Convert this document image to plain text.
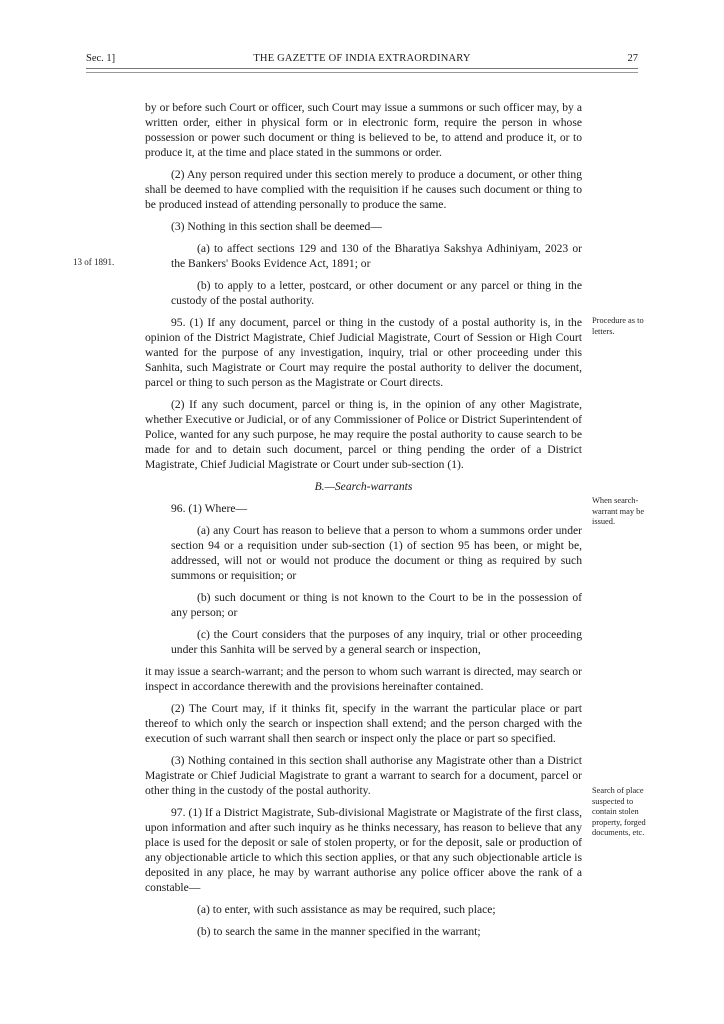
Sec. 1]	THE GAZETTE OF INDIA EXTRAORDINARY	27

by or before such Court or officer, such Court may issue a summons or such officer may, by a written order, either in physical form or in electronic form, require the person in whose possession or power such document or thing is believed to be, to attend and produce it, or to produce it, at the time and place stated in the summons or order.

(2) Any person required under this section merely to produce a document, or other thing shall be deemed to have complied with the requisition if he causes such document or thing to be produced instead of attending personally to produce the same.

(3) Nothing in this section shall be deemed—

(a) to affect sections 129 and 130 of the Bharatiya Sakshya Adhiniyam, 2023 or the Bankers' Books Evidence Act, 1891; or

(b) to apply to a letter, postcard, or other document or any parcel or thing in the custody of the postal authority.

95. (1) If any document, parcel or thing in the custody of a postal authority is, in the opinion of the District Magistrate, Chief Judicial Magistrate, Court of Session or High Court wanted for the purpose of any investigation, inquiry, trial or other proceeding under this Sanhita, such Magistrate or Court may require the postal authority to deliver the document, parcel or thing to such person as the Magistrate or Court directs.

(2) If any such document, parcel or thing is, in the opinion of any other Magistrate, whether Executive or Judicial, or of any Commissioner of Police or District Superintendent of Police, wanted for any such purpose, he may require the postal authority to cause search to be made for and to detain such document, parcel or thing pending the order of a District Magistrate, Chief Judicial Magistrate or Court under sub-section (1).

B.—Search-warrants

96. (1) Where—

(a) any Court has reason to believe that a person to whom a summons order under section 94 or a requisition under sub-section (1) of section 95 has been, or might be, addressed, will not or would not produce the document or thing as required by such summons or requisition; or

(b) such document or thing is not known to the Court to be in the possession of any person; or

(c) the Court considers that the purposes of any inquiry, trial or other proceeding under this Sanhita will be served by a general search or inspection,

it may issue a search-warrant; and the person to whom such warrant is directed, may search or inspect in accordance therewith and the provisions hereinafter contained.

(2) The Court may, if it thinks fit, specify in the warrant the particular place or part thereof to which only the search or inspection shall extend; and the person charged with the execution of such warrant shall then search or inspect only the place or part so specified.

(3) Nothing contained in this section shall authorise any Magistrate other than a District Magistrate or Chief Judicial Magistrate to grant a warrant to search for a document, parcel or other thing in the custody of the postal authority.

97. (1) If a District Magistrate, Sub-divisional Magistrate or Magistrate of the first class, upon information and after such inquiry as he thinks necessary, has reason to believe that any place is used for the deposit or sale of stolen property, or for the deposit, sale or production of any objectionable article to which this section applies, or that any such objectionable article is deposited in any place, he may by warrant authorise any police officer above the rank of a constable—

(a) to enter, with such assistance as may be required, such place;

(b) to search the same in the manner specified in the warrant;

13 of 1891.
Procedure as to letters.
When search-warrant may be issued.
Search of place suspected to contain stolen property, forged documents, etc.
